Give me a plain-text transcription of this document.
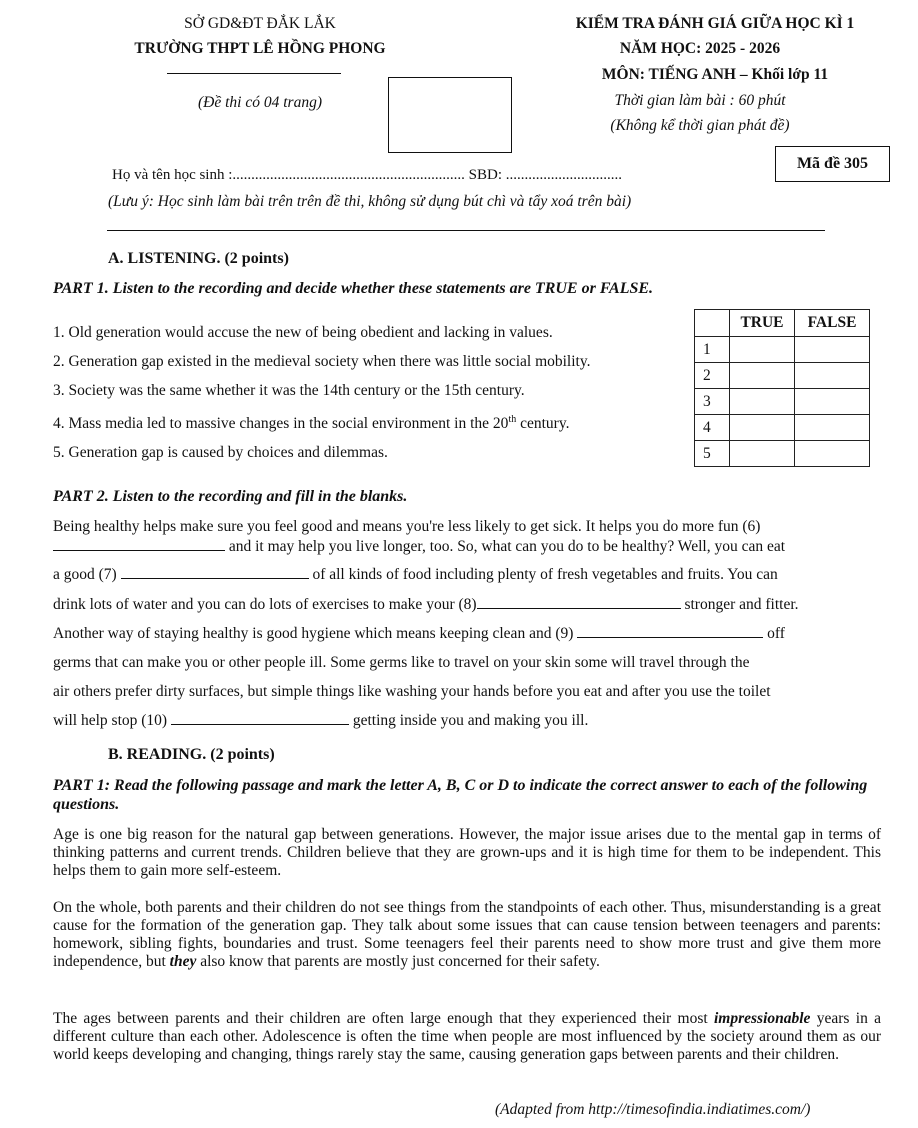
SỞ GD&ĐT ĐẮK LẮK
TRƯỜNG THPT LÊ HỒNG PHONG
(Đề thi có 04 trang)
KIỂM TRA ĐÁNH GIÁ GIỮA HỌC KÌ 1
NĂM HỌC: 2025 - 2026
MÔN: TIẾNG ANH – Khối lớp 11
Thời gian làm bài : 60 phút
(Không kể thời gian phát đề)
Mã đề 305
Họ và tên học sinh :.............................................................. SBD: ...............................
(Lưu ý: Học sinh làm bài trên trên đề thi, không sử dụng bút chì và tẩy xoá trên bài)
A. LISTENING. (2 points)
PART 1. Listen to the recording and decide whether these statements are TRUE or FALSE.
1. Old generation would accuse the new of being obedient and lacking in values.
2. Generation gap existed in the medieval society when there was little social mobility.
3. Society was the same whether it was the 14th century or the 15th century.
4. Mass media led to massive changes in the social environment in the 20th century.
5. Generation gap is caused by choices and dilemmas.
	TRUE	FALSE
1		
2		
3		
4		
5		
PART 2. Listen to the recording and fill in the blanks.
Being healthy helps make sure you feel good and means you're less likely to get sick. It helps you do more fun (6)
and it may help you live longer, too. So, what can you do to be healthy? Well, you can eat
a good (7)	of all kinds of food including plenty of fresh vegetables and fruits. You can
drink lots of water and you can do lots of exercises to make your (8)	stronger and fitter.
Another way of staying healthy is good hygiene which means keeping clean and (9)	off
germs that can make you or other people ill. Some germs like to travel on your skin some will travel through the
air others prefer dirty surfaces, but simple things like washing your hands before you eat and after you use the toilet
will help stop (10)	getting inside you and making you ill.
B. READING. (2 points)
PART 1: Read the following passage and mark the letter A, B, C or D to indicate the correct answer to each of the following questions.
Age is one big reason for the natural gap between generations. However, the major issue arises due to the mental gap in terms of thinking patterns and current trends. Children believe that they are grown-ups and it is high time for them to be independent. This helps them to gain more self-esteem.
On the whole, both parents and their children do not see things from the standpoints of each other. Thus, misunderstanding is a great cause for the formation of the generation gap. They talk about some issues that can cause tension between teenagers and parents: homework, sibling fights, boundaries and trust. Some teenagers feel their parents need to show more trust and give them more independence, but they also know that parents are mostly just concerned for their safety.
The ages between parents and their children are often large enough that they experienced their most impressionable years in a different culture than each other. Adolescence is often the time when people are most influenced by the society around them as our world keeps developing and changing, things rarely stay the same, causing generation gaps between parents and their children.
(Adapted from http://timesofindia.indiatimes.com/)
